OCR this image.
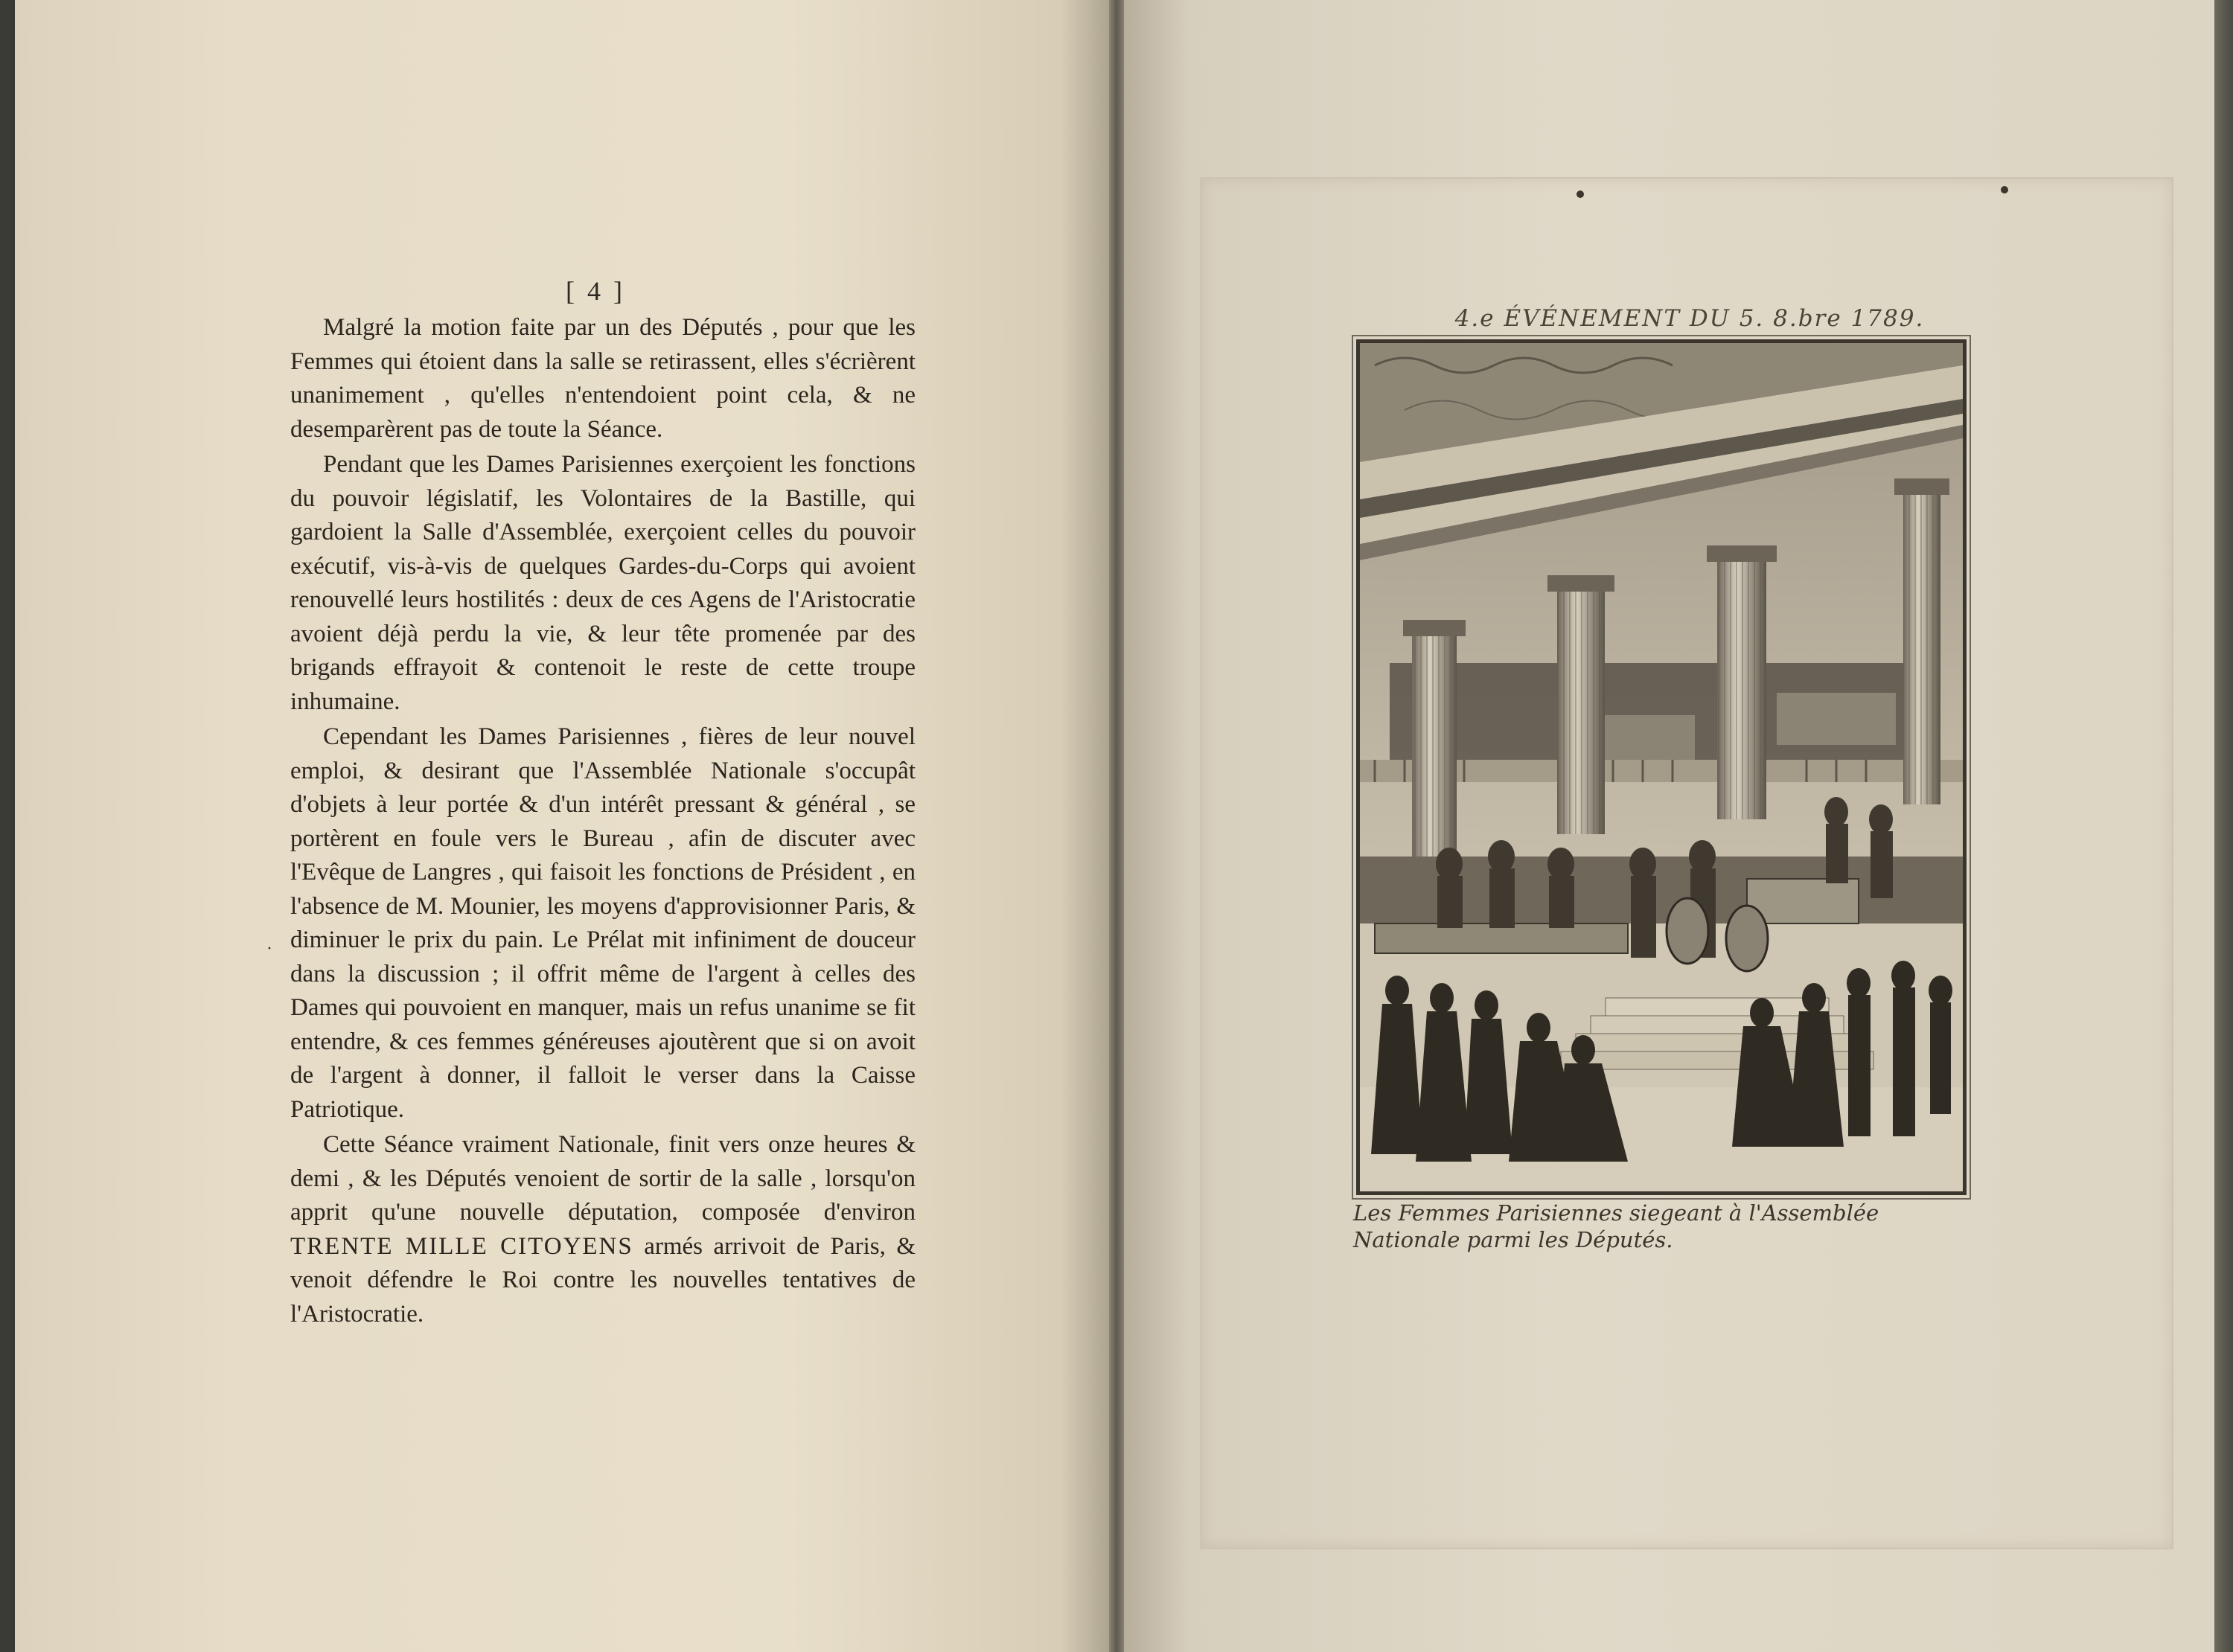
[ 4 ]
·

Malgré la motion faite par un des Députés , pour que les Femmes qui étoient dans la salle se retirassent, elles s'écrièrent unanimement , qu'elles n'entendoient point cela, & ne desemparèrent pas de toute la Séance.

Pendant que les Dames Parisiennes exerçoient les fonctions du pouvoir législatif, les Volontaires de la Bastille, qui gardoient la Salle d'Assemblée, exerçoient celles du pouvoir exécutif, vis-à-vis de quelques Gardes-du-Corps qui avoient renouvellé leurs hostilités : deux de ces Agens de l'Aristocratie avoient déjà perdu la vie, & leur tête promenée par des brigands effrayoit & contenoit le reste de cette troupe inhumaine.

Cependant les Dames Parisiennes , fières de leur nouvel emploi, & desirant que l'Assemblée Nationale s'occupât d'objets à leur portée & d'un intérêt pressant & général , se portèrent en foule vers le Bureau , afin de discuter avec l'Evêque de Langres , qui faisoit les fonctions de Président , en l'absence de M. Mounier, les moyens d'approvisionner Paris, & diminuer le prix du pain. Le Prélat mit infiniment de douceur dans la discussion ; il offrit même de l'argent à celles des Dames qui pouvoient en manquer, mais un refus unanime se fit entendre, & ces femmes généreuses ajoutèrent que si on avoit de l'argent à donner, il falloit le verser dans la Caisse Patriotique.

Cette Séance vraiment Nationale, finit vers onze heures & demi , & les Députés venoient de sortir de la salle , lorsqu'on apprit qu'une nouvelle députation, composée d'environ TRENTE MILLE CITOYENS armés arrivoit de Paris, & venoit défendre le Roi contre les nouvelles tentatives de l'Aristocratie.

4.e ÉVÉNEMENT DU 5. 8.bre 1789.
Les Femmes Parisiennes siegeant à l'Assemblée Nationale parmi les Députés.
